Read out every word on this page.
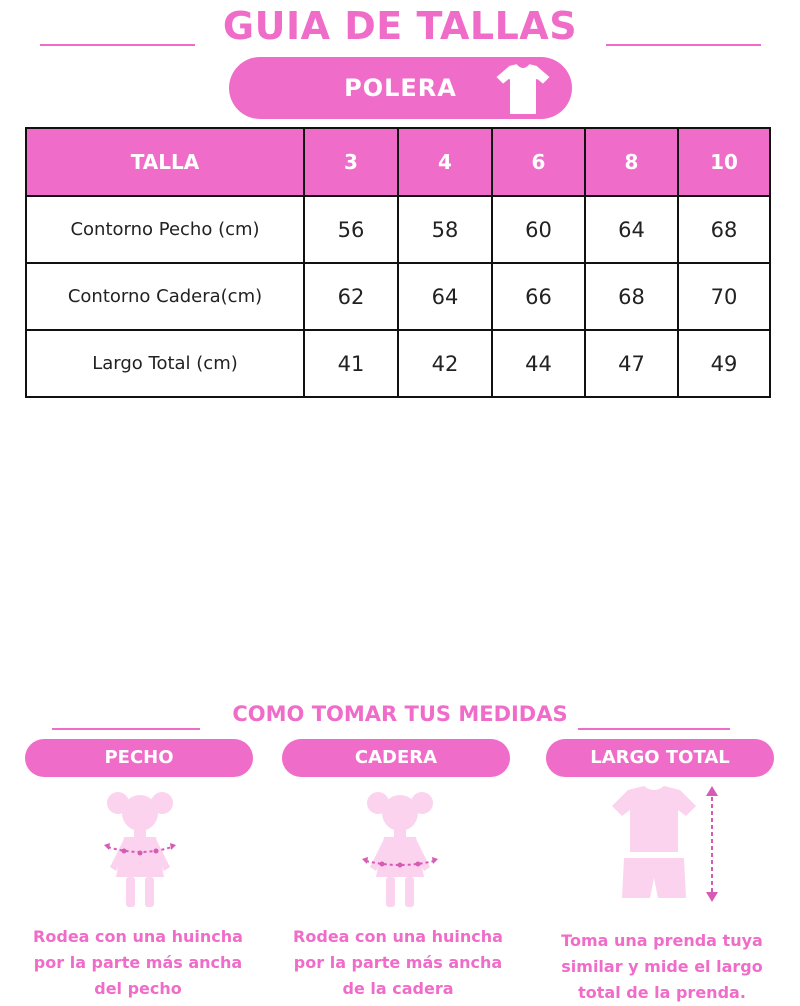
GUIA DE TALLAS
POLERA
TALLA	3	4	6	8	10
Contorno Pecho (cm)	56	58	60	64	68
Contorno Cadera(cm)	62	64	66	68	70
Largo Total (cm)	41	42	44	47	49
COMO TOMAR TUS MEDIDAS
PECHO	CADERA	LARGO TOTAL
Rodea con una huincha
por la parte más ancha
del pecho
Rodea con una huincha
por la parte más ancha
de la cadera
Toma una prenda tuya
similar y mide el largo
total de la prenda.
